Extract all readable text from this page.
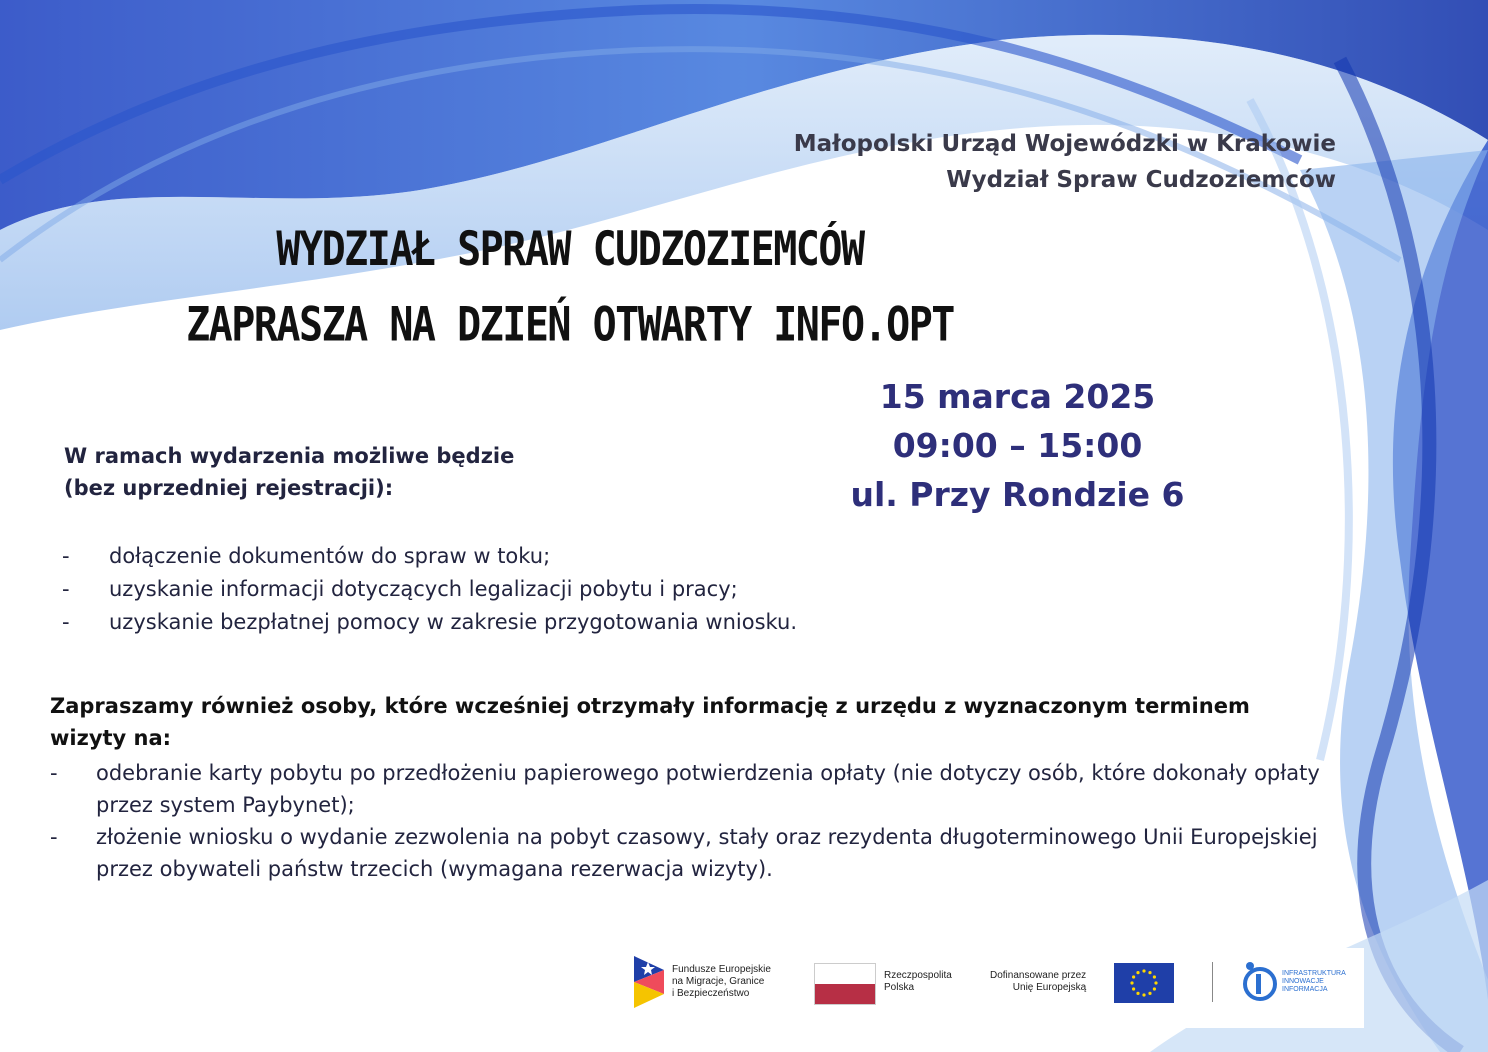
Małopolski Urząd Wojewódzki w Krakowie
Wydział Spraw Cudzoziemców
WYDZIAŁ SPRAW CUDZOZIEMCÓW
ZAPRASZA NA DZIEŃ OTWARTY INFO.OPT
15 marca 2025
09:00 – 15:00
ul. Przy Rondzie 6
W ramach wydarzenia możliwe będzie
(bez uprzedniej rejestracji):
- dołączenie dokumentów do spraw w toku;
- uzyskanie informacji dotyczących legalizacji pobytu i pracy;
- uzyskanie bezpłatnej pomocy w zakresie przygotowania wniosku.
Zapraszamy również osoby, które wcześniej otrzymały informację z urzędu z wyznaczonym terminem wizyty na:
- odebranie karty pobytu po przedłożeniu papierowego potwierdzenia opłaty (nie dotyczy osób, które dokonały opłaty przez system Paybynet);
- złożenie wniosku o wydanie zezwolenia na pobyt czasowy, stały oraz rezydenta długoterminowego Unii Europejskiej przez obywateli państw trzecich (wymagana rezerwacja wizyty).
Fundusze Europejskie
na Migracje, Granice
i Bezpieczeństwo
Rzeczpospolita
Polska
Dofinansowane przez
Unię Europejską
INFRASTRUKTURA
INNOWACJE
INFORMACJA
